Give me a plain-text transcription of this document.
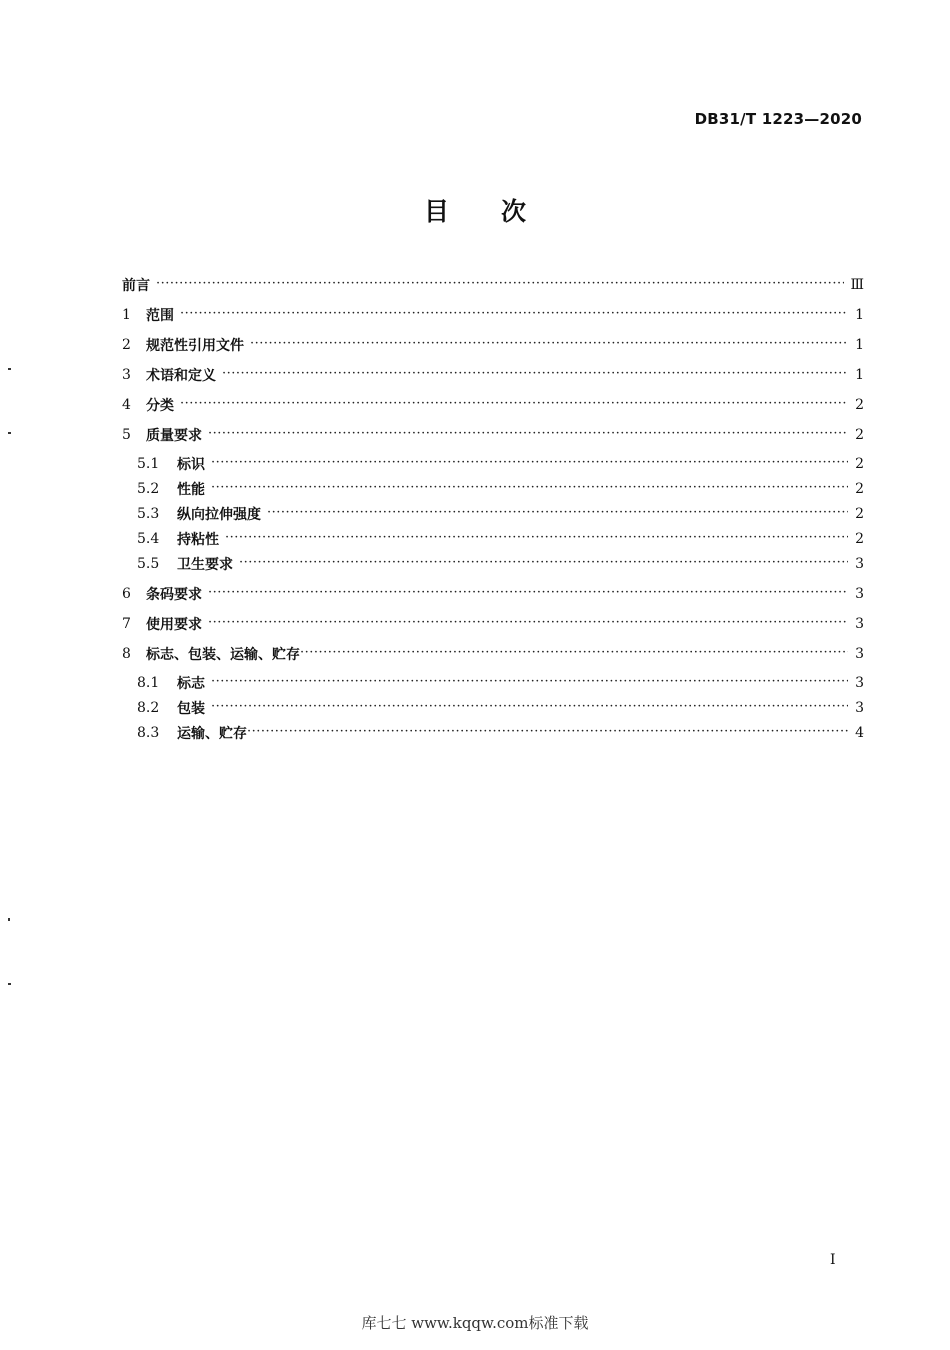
DB31/T 1223—2020
目 次
前言 ·····	Ⅲ
1	范围 ·····	1
2	规范性引用文件 ·····	1
3	术语和定义 ·····	1
4	分类 ·····	2
5	质量要求 ·····	2
5.1	标识 ·····	2
5.2	性能 ·····	2
5.3	纵向拉伸强度 ·····	2
5.4	持粘性 ·····	2
5.5	卫生要求 ·····	3
6	条码要求 ·····	3
7	使用要求 ·····	3
8	标志、包装、运输、贮存 ·····	3
8.1	标志 ·····	3
8.2	包装 ·····	3
8.3	运输、贮存 ·····	4
I
库七七 www.kqqw.com标准下载
